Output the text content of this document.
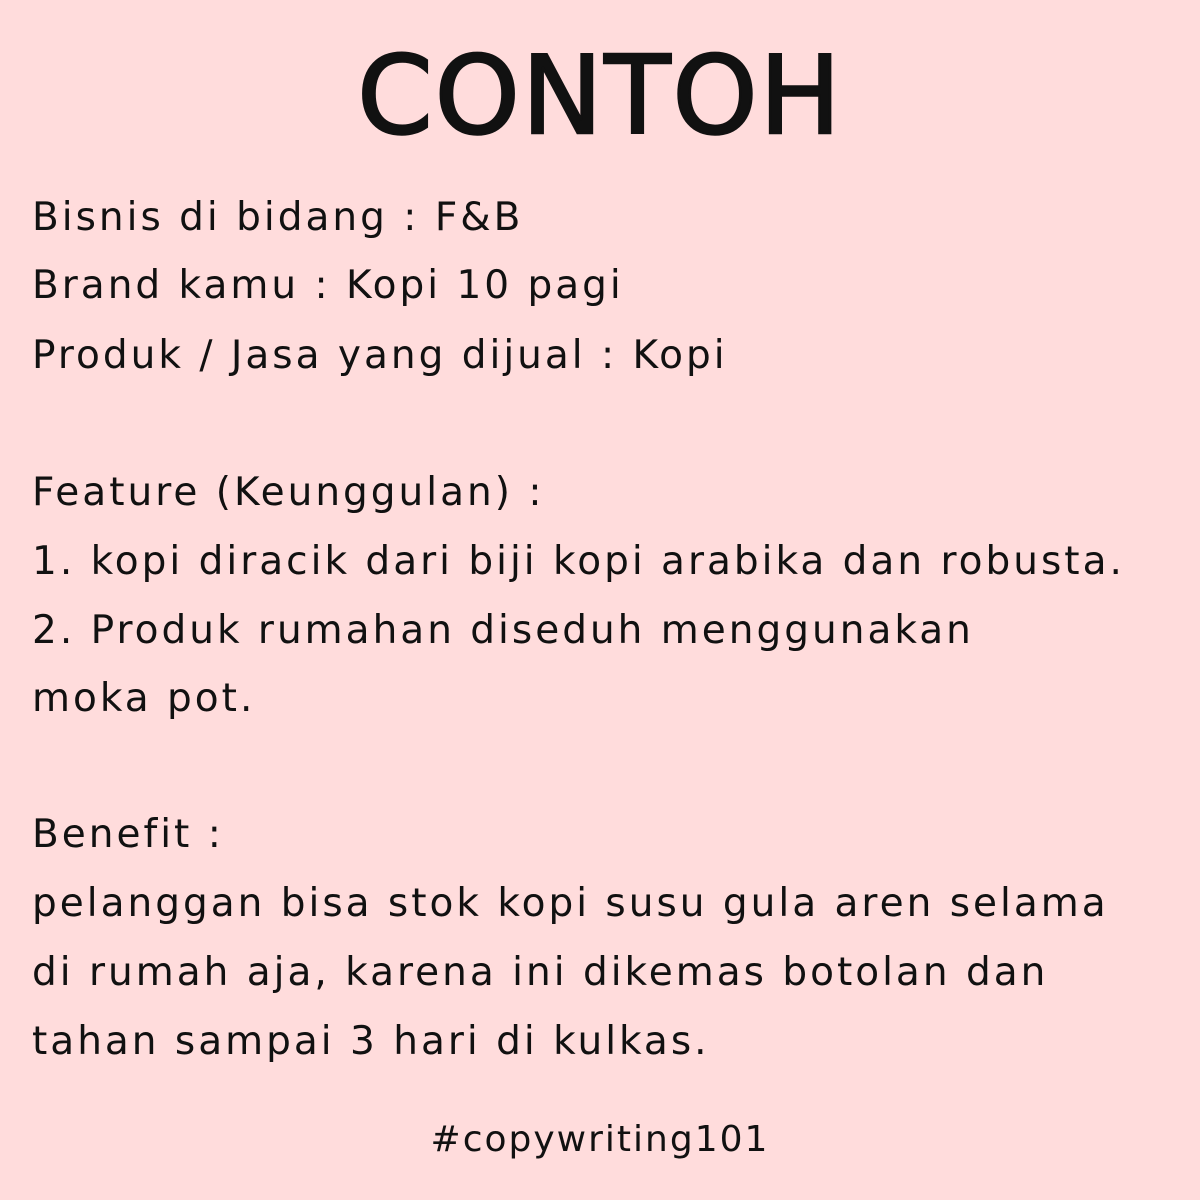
CONTOH

Bisnis di bidang : F&B

Brand kamu : Kopi 10 pagi

Produk / Jasa yang dijual : Kopi

Feature (Keunggulan) :

1. kopi diracik dari biji kopi arabika dan robusta.

2. Produk rumahan diseduh menggunakan

moka pot.

Benefit :

pelanggan bisa stok kopi susu gula aren selama

di rumah aja, karena ini dikemas botolan dan

tahan sampai 3 hari di kulkas.

#copywriting101
